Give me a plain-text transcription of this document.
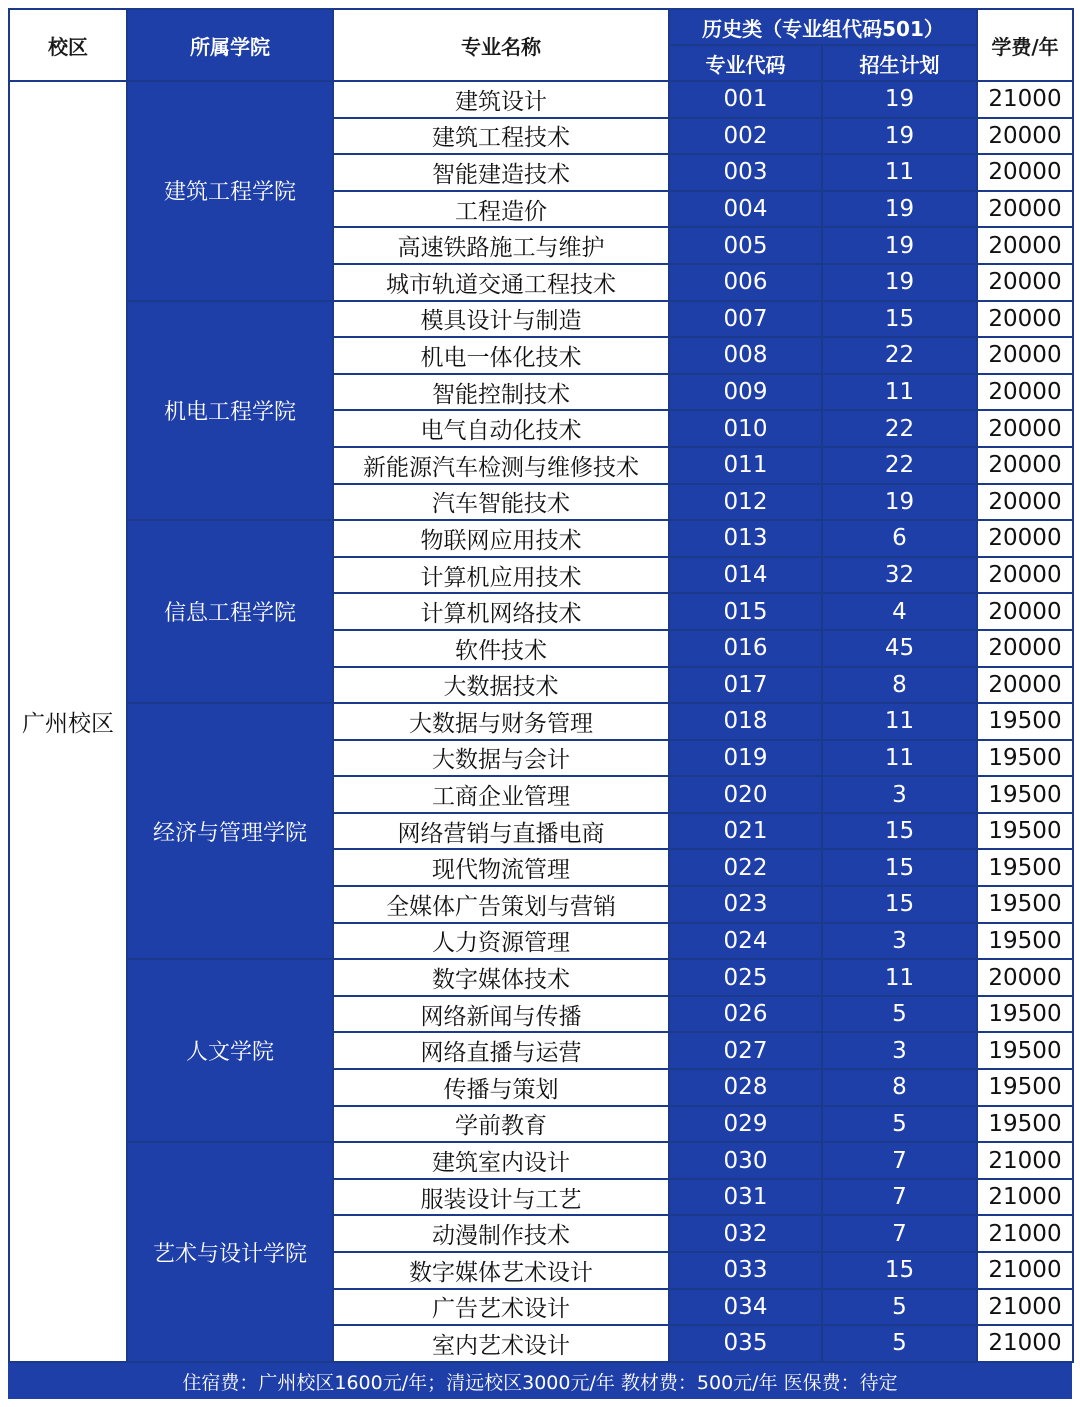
校区	所属学院	专业名称	历史类（专业组代码501）		学费/年
			专业代码	招生计划	
广州校区	建筑工程学院	建筑设计	001	19	21000
		建筑工程技术	002	19	20000
		智能建造技术	003	11	20000
		工程造价	004	19	20000
		高速铁路施工与维护	005	19	20000
		城市轨道交通工程技术	006	19	20000
	机电工程学院	模具设计与制造	007	15	20000
		机电一体化技术	008	22	20000
		智能控制技术	009	11	20000
		电气自动化技术	010	22	20000
		新能源汽车检测与维修技术	011	22	20000
		汽车智能技术	012	19	20000
	信息工程学院	物联网应用技术	013	6	20000
		计算机应用技术	014	32	20000
		计算机网络技术	015	4	20000
		软件技术	016	45	20000
		大数据技术	017	8	20000
	经济与管理学院	大数据与财务管理	018	11	19500
		大数据与会计	019	11	19500
		工商企业管理	020	3	19500
		网络营销与直播电商	021	15	19500
		现代物流管理	022	15	19500
		全媒体广告策划与营销	023	15	19500
		人力资源管理	024	3	19500
	人文学院	数字媒体技术	025	11	20000
		网络新闻与传播	026	5	19500
		网络直播与运营	027	3	19500
		传播与策划	028	8	19500
		学前教育	029	5	19500
	艺术与设计学院	建筑室内设计	030	7	21000
		服装设计与工艺	031	7	21000
		动漫制作技术	032	7	21000
		数字媒体艺术设计	033	15	21000
		广告艺术设计	034	5	21000
		室内艺术设计	035	5	21000
住宿费：广州校区1600元/年；清远校区3000元/年 教材费：500元/年 医保费：待定
